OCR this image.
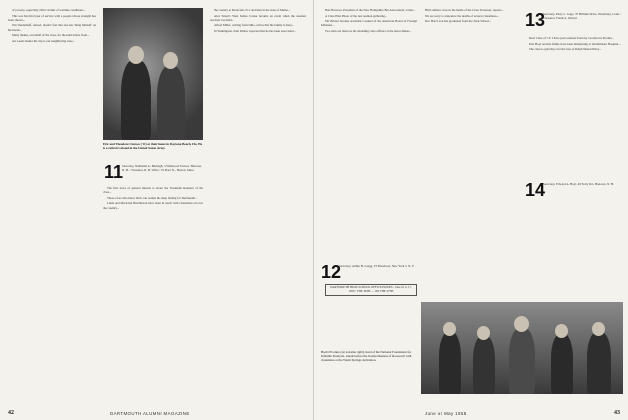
of poverty, especially child victims of wartime conditions...

This was his third year of service with a people whose strength has been shown...

Jim Vanderhoff, retired, doesn't feel that one has 'hung himself' on his hands...

Many thanks, on behalf of the class, for the kind letters from...

Art Leeds makes his trip to our neighboring state...

Eric and Theodore Cleaves ('11) at their home in Daytona Beach, Fla. He is a retired Colonel in the United States Army.
11
Secretary, Nathaniel G. Burleigh, 3 Wildwood Terrace, Hanover, N. H. / Treasurer, R. B. Wiles / 19 Prior St., Boston, Mass.

The first news of general interest is about the Twentieth Reunion of the class...

Those of us who know Dick can realize his deep feeling for Dartmouth...

Linda and Mertrand Hutchinson have been in touch with classmates all over the country...

the country at Montclair, N.J. and then in the state of Maine...

Alex Smart's West Indies Cruise became an event when the steamer Ascania was held...

Alfred Miller, writing from Ohio, writes that his family is busy...

In Washington, Paul Dillow reported that he has been associated...

42	DARTMOUTH ALUMNI MAGAZINE

Burt Barrows, President of the New Hampshire Bar Association, writes...

A Class Pilot Photo of the last reunion gathering...

Mr. Bristol became Assistant Counsel of the American Board of Foreign Missions...

Two men are listed as the attending class officers at the latest dinner...

12
Secretary, Arthur B. Gregg, 53 Broadway, New York 5, N. Y.
DARTMOUTH HIGH-SCHOOL OFFICE-HOURS / June 10 to 17, 1958 / THE 46TH — ON THE 47TH

Bill Lambert, now in the hands of the Class Treasurer, reports...

We are sorry to announce the deaths of several classmates...

Doc Hart's son has graduated from the Tuck School...	13
Secretary, Perry L. Gage, 70 Hillside Drive, Waterbury, Conn. / Treasurer, Frank A. Weaver

Dear Class of '13: I have just returned from my vacation in Florida...

Pete Hoyt and his family have been ministering at Westminster Hospital...

The class is grieving over the loss of Ralph Mason Riley...

14
Secretary, Edward A. Hoyt, 49 Ferry Rd., Hanover, N. H.
Basil O'Connor (at extreme right), head of the National Foundation for Infantile Paralysis, stands before the bronze likeness of Roosevelt with classmates at the Warm Springs dedication.
June or May 1958	43
